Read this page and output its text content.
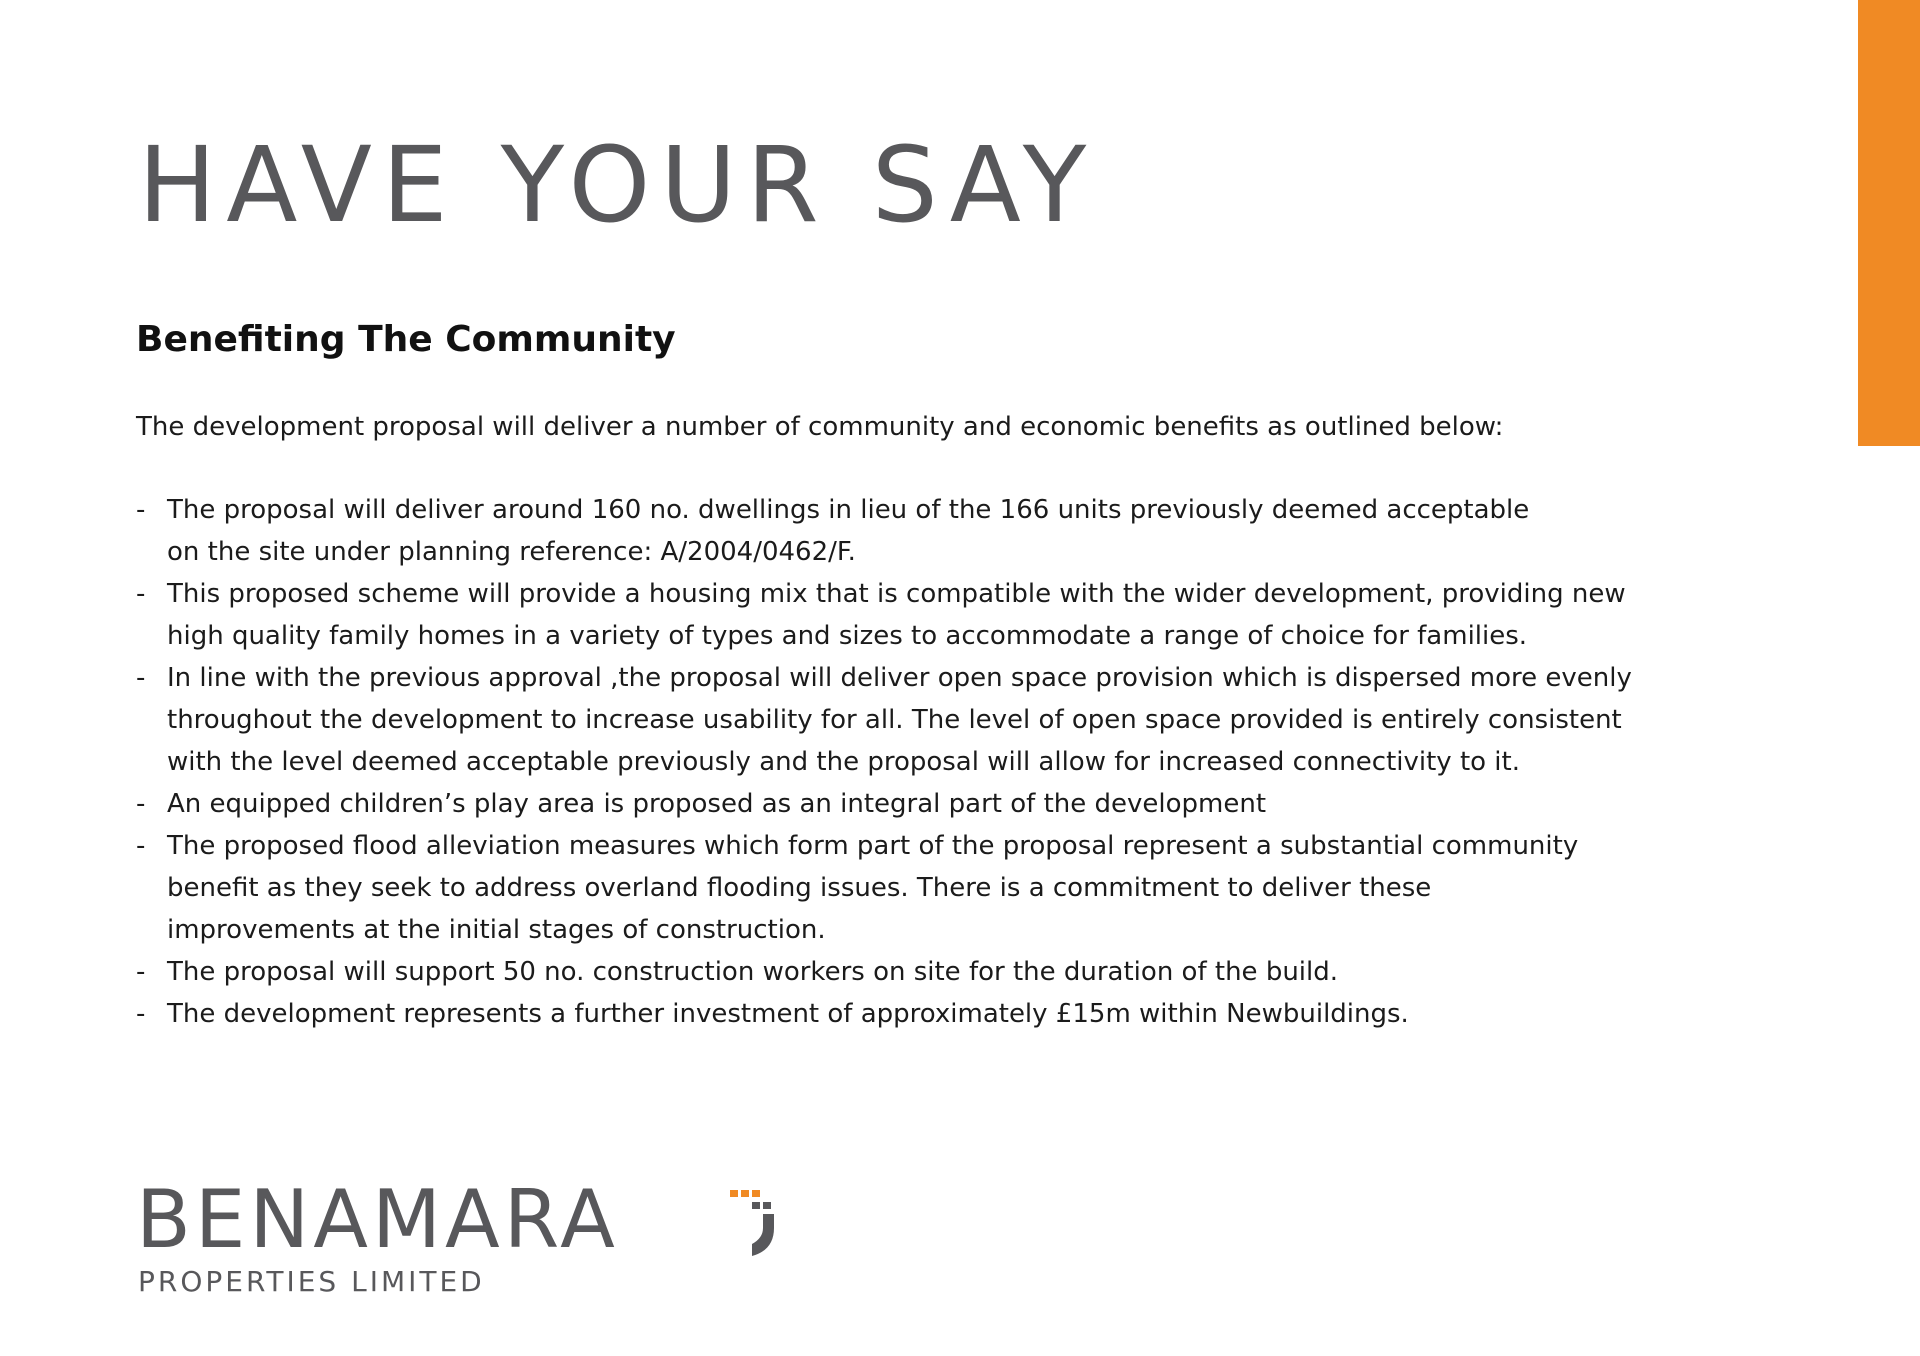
HAVE YOUR SAY
Benefiting The Community

The development proposal will deliver a number of community and economic benefits as outlined below:

- The proposal will deliver around 160 no. dwellings in lieu of the 166 units previously deemed acceptable
on the site under planning reference: A/2004/0462/F.
- This proposed scheme will provide a housing mix that is compatible with the wider development, providing new
high quality family homes in a variety of types and sizes to accommodate a range of choice for families.
- In line with the previous approval ,the proposal will deliver open space provision which is dispersed more evenly
throughout the development to increase usability for all. The level of open space provided is entirely consistent
with the level deemed acceptable previously and the proposal will allow for increased connectivity to it.
- An equipped children’s play area is proposed as an integral part of the development
- The proposed flood alleviation measures which form part of the proposal represent a substantial community
benefit as they seek to address overland flooding issues. There is a commitment to deliver these
improvements at the initial stages of construction.
- The proposal will support 50 no. construction workers on site for the duration of the build.
- The development represents a further investment of approximately £15m within Newbuildings.
BENAMARA
PROPERTIES LIMITED
